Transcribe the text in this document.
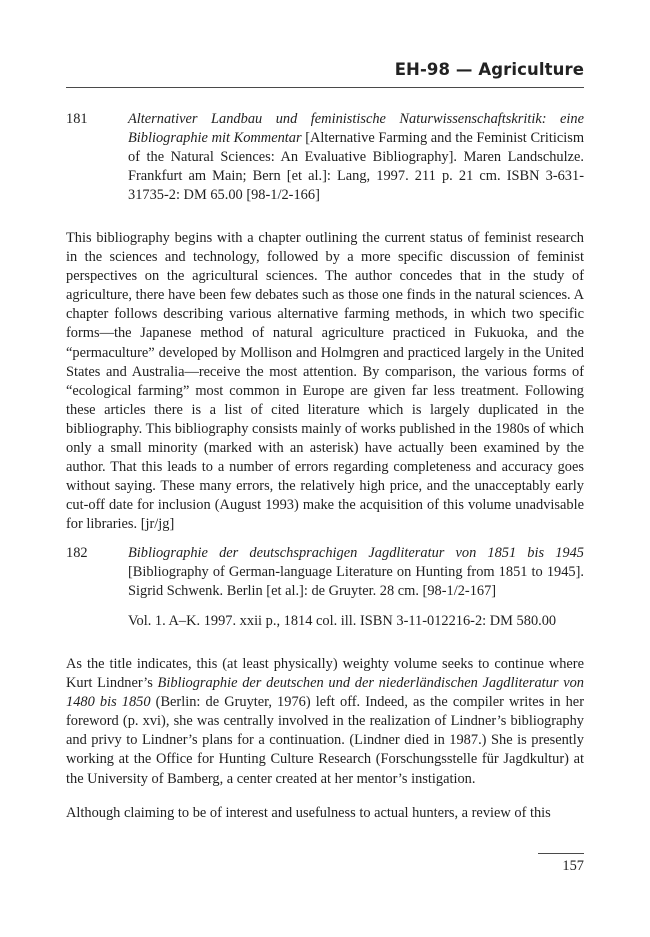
EH-98 — Agriculture
181	Alternativer Landbau und feministische Naturwissenschaftskritik: eine Bibliographie mit Kommentar [Alternative Farming and the Feminist Criticism of the Natural Sciences: An Evaluative Bibliography]. Maren Landschulze. Frankfurt am Main; Bern [et al.]: Lang, 1997. 211 p. 21 cm. ISBN 3-631-31735-2: DM 65.00 [98-1/2-166]
This bibliography begins with a chapter outlining the current status of feminist research in the sciences and technology, followed by a more specific discussion of feminist perspectives on the agricultural sciences. The author concedes that in the study of agriculture, there have been few debates such as those one finds in the natural sciences. A chapter follows describing various alternative farming methods, in which two specific forms—the Japanese method of natural agriculture practiced in Fukuoka, and the “permaculture” developed by Mollison and Holmgren and practiced largely in the United States and Australia—receive the most attention. By comparison, the various forms of “ecological farming” most common in Europe are given far less treatment. Following these articles there is a list of cited literature which is largely duplicated in the bibliography. This bibliography consists mainly of works published in the 1980s of which only a small minority (marked with an asterisk) have actually been examined by the author. That this leads to a number of errors regarding completeness and accuracy goes without saying. These many errors, the relatively high price, and the unacceptably early cut-off date for inclusion (August 1993) make the acquisition of this volume unadvisable for libraries. [jr/jg]
182	Bibliographie der deutschsprachigen Jagdliteratur von 1851 bis 1945 [Bibliography of German-language Literature on Hunting from 1851 to 1945]. Sigrid Schwenk. Berlin [et al.]: de Gruyter. 28 cm. [98-1/2-167]
Vol. 1. A–K. 1997. xxii p., 1814 col. ill. ISBN 3-11-012216-2: DM 580.00
As the title indicates, this (at least physically) weighty volume seeks to continue where Kurt Lindner’s Bibliographie der deutschen und der niederländischen Jagdliteratur von 1480 bis 1850 (Berlin: de Gruyter, 1976) left off. Indeed, as the compiler writes in her foreword (p. xvi), she was centrally involved in the realization of Lindner’s bibliography and privy to Lindner’s plans for a continuation. (Lindner died in 1987.) She is presently working at the Office for Hunting Culture Research (Forschungsstelle für Jagdkultur) at the University of Bamberg, a center created at her mentor’s instigation.
Although claiming to be of interest and usefulness to actual hunters, a review of this
157
